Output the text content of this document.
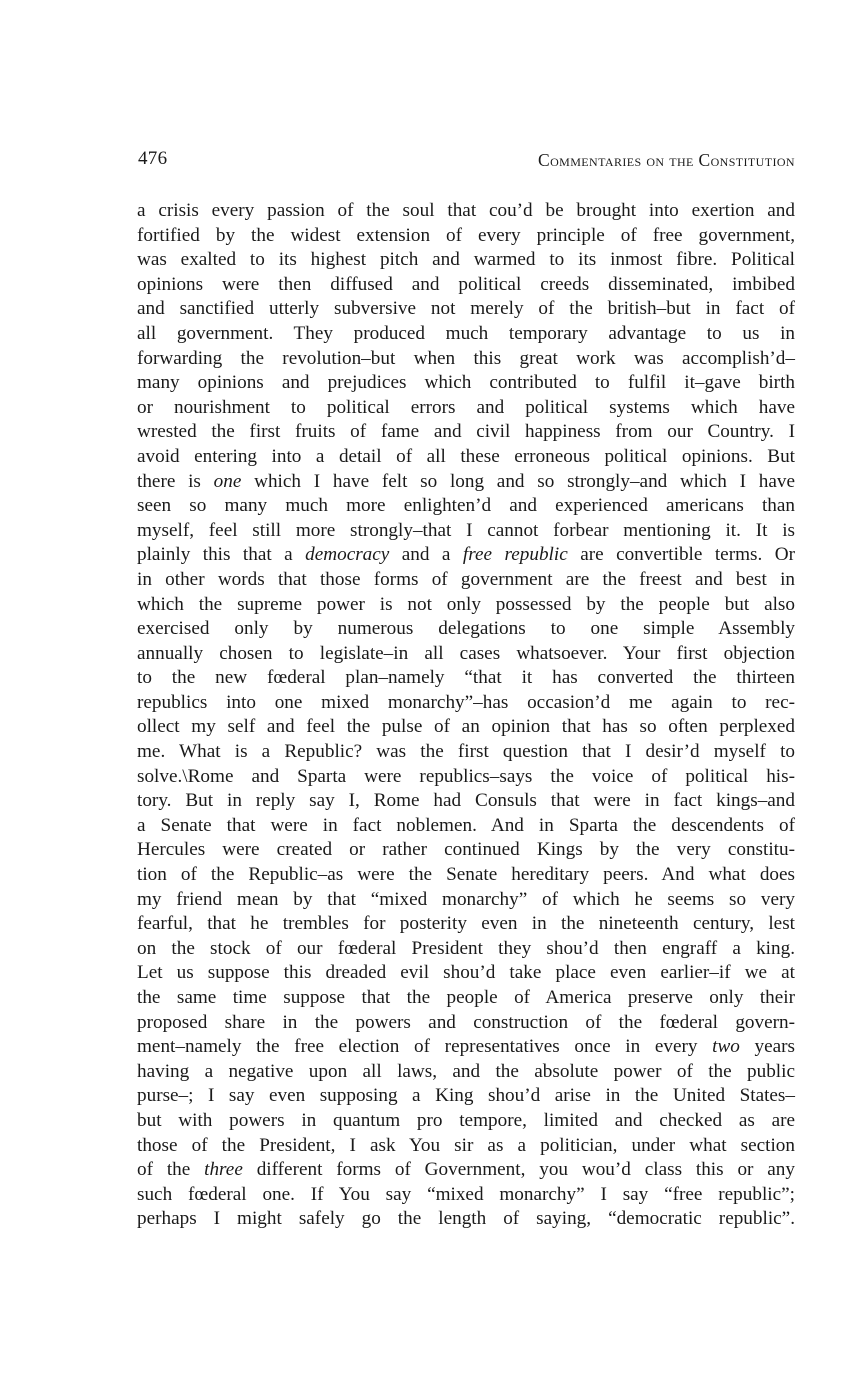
476	Commentaries on the Constitution
a crisis every passion of the soul that cou’d be brought into exertion and
fortified by the widest extension of every principle of free government,
was exalted to its highest pitch and warmed to its inmost fibre. Political
opinions were then diffused and political creeds disseminated, imbibed
and sanctified utterly subversive not merely of the british–but in fact of
all government. They produced much temporary advantage to us in
forwarding the revolution–but when this great work was accomplish’d–
many opinions and prejudices which contributed to fulfil it–gave birth
or nourishment to political errors and political systems which have
wrested the first fruits of fame and civil happiness from our Country. I
avoid entering into a detail of all these erroneous political opinions. But
there is one which I have felt so long and so strongly–and which I have
seen so many much more enlighten’d and experienced americans than
myself, feel still more strongly–that I cannot forbear mentioning it. It is
plainly this that a democracy and a free republic are convertible terms. Or
in other words that those forms of government are the freest and best in
which the supreme power is not only possessed by the people but also
exercised only by numerous delegations to one simple Assembly
annually chosen to legislate–in all cases whatsoever. Your first objection
to the new fœderal plan–namely “that it has converted the thirteen
republics into one mixed monarchy”–has occasion’d me again to rec-
ollect my self and feel the pulse of an opinion that has so often perplexed
me. What is a Republic? was the first question that I desir’d myself to
solve.\Rome and Sparta were republics–says the voice of political his-
tory. But in reply say I, Rome had Consuls that were in fact kings–and
a Senate that were in fact noblemen. And in Sparta the descendents of
Hercules were created or rather continued Kings by the very constitu-
tion of the Republic–as were the Senate hereditary peers. And what does
my friend mean by that “mixed monarchy” of which he seems so very
fearful, that he trembles for posterity even in the nineteenth century, lest
on the stock of our fœderal President they shou’d then engraff a king.
Let us suppose this dreaded evil shou’d take place even earlier–if we at
the same time suppose that the people of America preserve only their
proposed share in the powers and construction of the fœderal govern-
ment–namely the free election of representatives once in every two years
having a negative upon all laws, and the absolute power of the public
purse–; I say even supposing a King shou’d arise in the United States–
but with powers in quantum pro tempore, limited and checked as are
those of the President, I ask You sir as a politician, under what section
of the three different forms of Government, you wou’d class this or any
such fœderal one. If You say “mixed monarchy” I say “free republic”;
perhaps I might safely go the length of saying, “democratic republic”.
